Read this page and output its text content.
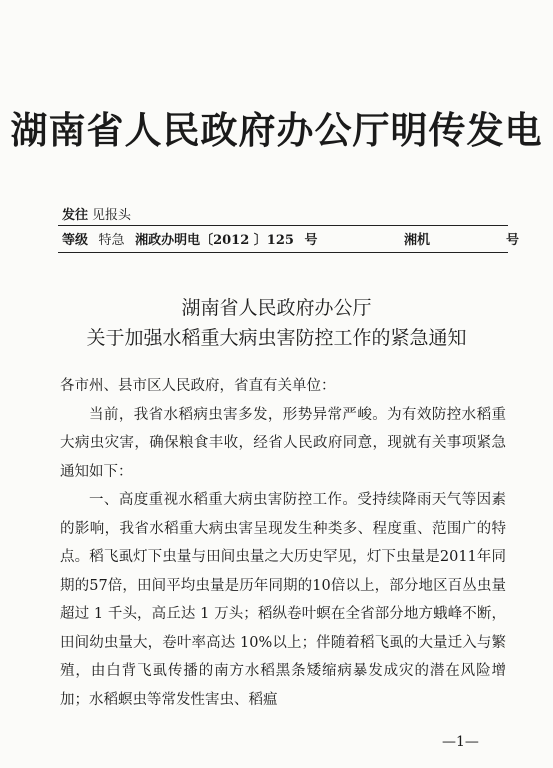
湖南省人民政府办公厅明传发电
发往 见报头
等级 特急 湘政办明电〔2012 〕125 号	湘机	号
湖南省人民政府办公厅
关于加强水稻重大病虫害防控工作的紧急通知

各市州、县市区人民政府，省直有关单位：

当前，我省水稻病虫害多发，形势异常严峻。为有效防控水稻重大病虫灾害，确保粮食丰收，经省人民政府同意，现就有关事项紧急通知如下：

一、高度重视水稻重大病虫害防控工作。受持续降雨天气等因素的影响，我省水稻重大病虫害呈现发生种类多、程度重、范围广的特点。稻飞虱灯下虫量与田间虫量之大历史罕见，灯下虫量是2011年同期的57倍，田间平均虫量是历年同期的10倍以上，部分地区百丛虫量超过 1 千头，高丘达 1 万头；稻纵卷叶螟在全省部分地方蛾峰不断，田间幼虫量大，卷叶率高达 10%以上；伴随着稻飞虱的大量迁入与繁殖，由白背飞虱传播的南方水稻黑条矮缩病暴发成灾的潜在风险增加；水稻螟虫等常发性害虫、稻瘟

—1—
